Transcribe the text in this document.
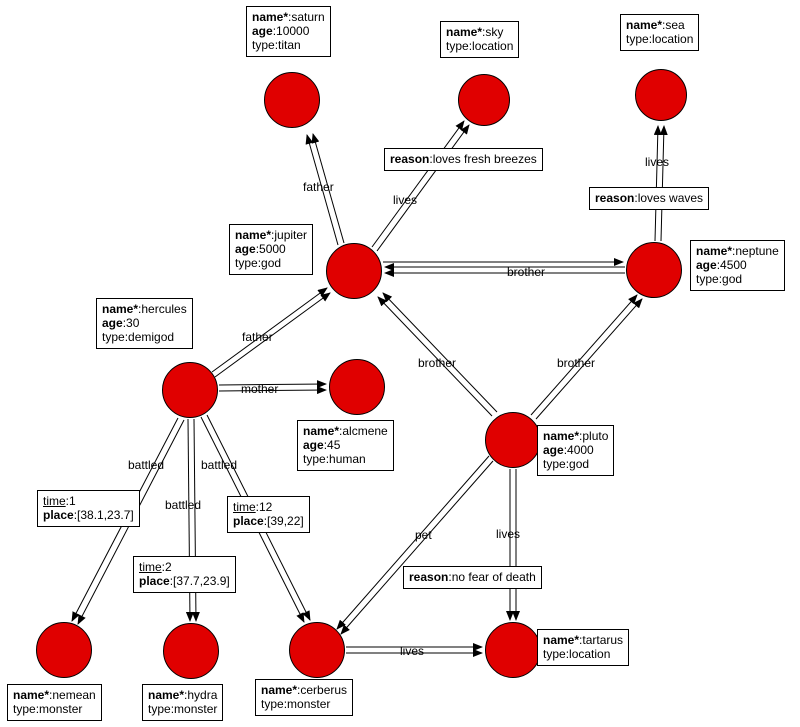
name*:saturn
age:10000
type:titan
name*:sky
type:location
name*:sea
type:location
name*:jupiter
age:5000
type:god
name*:neptune
age:4500
type:god
name*:hercules
age:30
type:demigod
name*:alcmene
age:45
type:human
name*:pluto
age:4000
type:god
name*:nemean
type:monster
name*:hydra
type:monster
name*:cerberus
type:monster
name*:tartarus
type:location
reason:loves fresh breezes
reason:loves waves
time:1
place:[38.1,23.7]
time:2
place:[37.7,23.9]
time:12
place:[39,22]
reason:no fear of death
father
lives
lives
brother
brother	brother
father
mother
battled	battled
battled
pet	lives
lives
